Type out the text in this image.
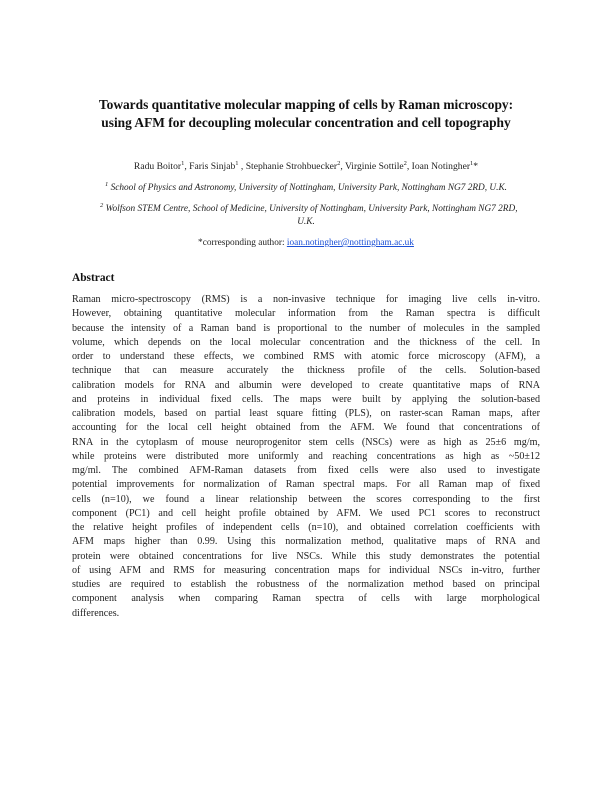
Towards quantitative molecular mapping of cells by Raman microscopy:
using AFM for decoupling molecular concentration and cell topography
Radu Boitor$^1$, Faris Sinjab$^1$ , Stephanie Strohbuecker$^2$, Virginie Sottile$^2$, Ioan Notingher$^1$*
$^1$ School of Physics and Astronomy, University of Nottingham, University Park, Nottingham NG7 2RD, U.K.
$^2$ Wolfson STEM Centre, School of Medicine, University of Nottingham, University Park, Nottingham NG7 2RD,
U.K.
*corresponding author: ioan.notingher@nottingham.ac.uk
Abstract
Raman micro-spectroscopy (RMS) is a non-invasive technique for imaging live cells in-vitro.
However, obtaining quantitative molecular information from the Raman spectra is difficult
because the intensity of a Raman band is proportional to the number of molecules in the sampled
volume, which depends on the local molecular concentration and the thickness of the cell. In
order to understand these effects, we combined RMS with atomic force microscopy (AFM), a
technique that can measure accurately the thickness profile of the cells. Solution-based
calibration models for RNA and albumin were developed to create quantitative maps of RNA
and proteins in individual fixed cells. The maps were built by applying the solution-based
calibration models, based on partial least square fitting (PLS), on raster-scan Raman maps, after
accounting for the local cell height obtained from the AFM. We found that concentrations of
RNA in the cytoplasm of mouse neuroprogenitor stem cells (NSCs) were as high as 25±6 mg/m,
while proteins were distributed more uniformly and reaching concentrations as high as ~50±12
mg/ml. The combined AFM-Raman datasets from fixed cells were also used to investigate
potential improvements for normalization of Raman spectral maps. For all Raman map of fixed
cells (n=10), we found a linear relationship between the scores corresponding to the first
component (PC1) and cell height profile obtained by AFM. We used PC1 scores to reconstruct
the relative height profiles of independent cells (n=10), and obtained correlation coefficients with
AFM maps higher than 0.99. Using this normalization method, qualitative maps of RNA and
protein were obtained concentrations for live NSCs. While this study demonstrates the potential
of using AFM and RMS for measuring concentration maps for individual NSCs in-vitro, further
studies are required to establish the robustness of the normalization method based on principal
component analysis when comparing Raman spectra of cells with large morphological
differences.
